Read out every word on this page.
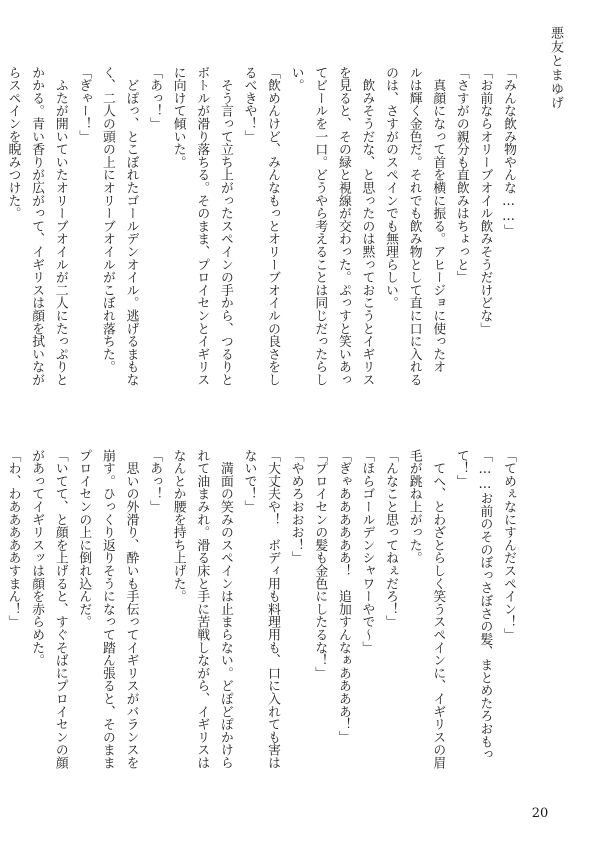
悪友とまゆげ
「みんな飲み物やんな……」
「お前ならオリーブオイル飲みそうだけどな」
「さすがの親分も直飲みはちょっと」
　真顔になって首を横に振る。アヒージョに使ったオ
ルは輝く金色だ。それでも飲み物として直に口に入れる
のは、さすがのスペインでも無理らしい。
　飲みそうだな、と思ったのは黙っておこうとイギリス
を見ると、その緑と視線が交わった。ぷっすと笑いあっ
てビールを一口。どうやら考えることは同じだったらし
い。
「飲めんけど、みんなもっとオリーブオイルの良さをし
るべきや！」
　そう言って立ち上がったスペインの手から、つるりと
ボトルが滑り落ちる。そのまま、プロイセンとイギリス
に向けて傾いた。
「あっ！」
　どぽっ、とこぼれたゴールデンオイル。逃げるまもな
く、二人の頭の上にオリーブオイルがこぼれ落ちた。
「ぎゃー！」
　ふたが開いていたオリーブオイルが二人にたっぷりと
かかる。青い香りが広がって、イギリスは顔を拭いなが
らスペインを睨みつけた。
「てめぇなにすんだスペイン！」
「……お前のそのぼっさぼさの髪、まとめたろおもっ
て！」
　てへ、とわざとらしく笑うスペインに、イギリスの眉
毛が跳ね上がった。
「んなこと思ってねぇだろ！」
「ほらゴールデンシャワーやで～」
「ぎゃああああああ！　追加すんなぁああああ！」
「プロイセンの髪も金色にしたるな！」
「やめろおおお！」
「大丈夫や！　ボディ用も料理用も、口に入れても害は
ないで！」
　満面の笑みのスペインは止まらない。どぽどぽかけら
れて油まみれ。滑る床と手に苦戦しながら、イギリスは
なんとか腰を持ち上げた。
「あっ！」
　思いの外滑り、酔いも手伝ってイギリスがバランスを
崩す。ひっくり返りそうになって踏ん張ると、そのまま
プロイセンの上に倒れ込んだ。
「いてて、と顔を上げると、すぐそばにプロイセンの顔
があってイギリスッは顔を赤らめた。
「わ、わあああああすまん！」
20
